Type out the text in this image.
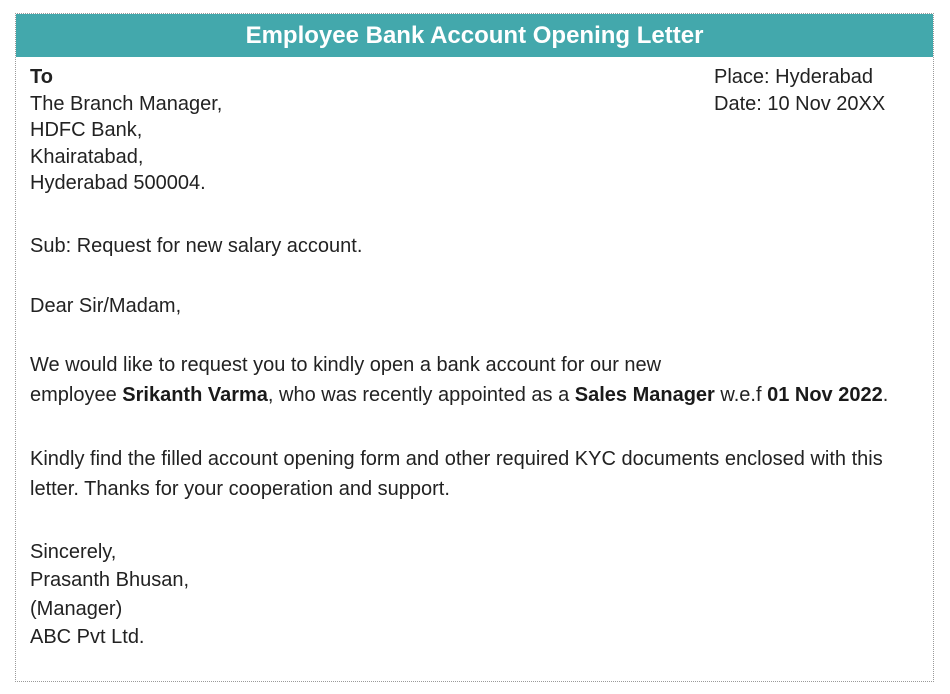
Employee Bank Account Opening Letter
To
The Branch Manager,
HDFC Bank,
Khairatabad,
Hyderabad 500004.
Place: Hyderabad
Date: 10 Nov 20XX
Sub: Request for new salary account.
Dear Sir/Madam,
We would like to request you to kindly open a bank account for our new
employee Srikanth Varma, who was recently appointed as a Sales Manager w.e.f 01 Nov 2022.
Kindly find the filled account opening form and other required KYC documents enclosed with this letter. Thanks for your cooperation and support.
Sincerely,
Prasanth Bhusan,
(Manager)
ABC Pvt Ltd.
